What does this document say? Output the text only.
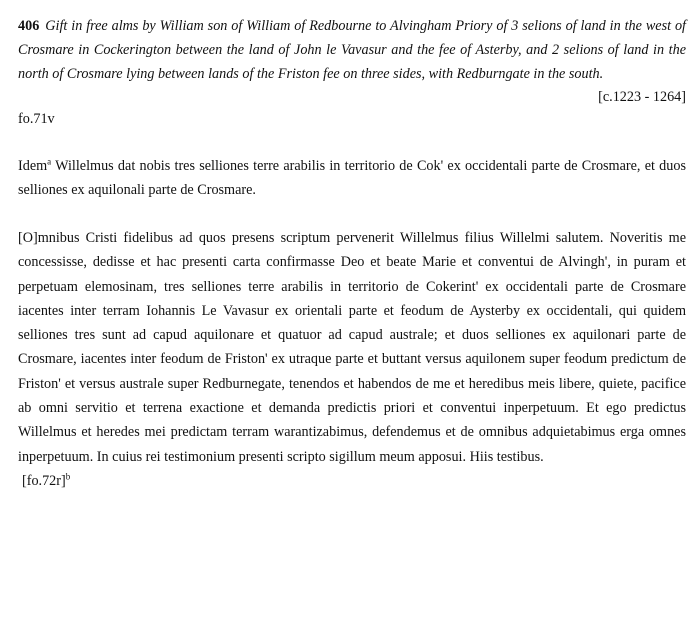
406 Gift in free alms by William son of William of Redbourne to Alvingham Priory of 3 selions of land in the west of Crosmare in Cockerington between the land of John le Vavasur and the fee of Asterby, and 2 selions of land in the north of Crosmare lying between lands of the Friston fee on three sides, with Redburngate in the south.

[c.1223 - 1264]

fo.71v

Idem$^a$ Willelmus dat nobis tres selliones terre arabilis in territorio de Cok' ex occidentali parte de Crosmare, et duos selliones ex aquilonali parte de Crosmare.

[O]mnibus Cristi fidelibus ad quos presens scriptum pervenerit Willelmus filius Willelmi salutem. Noveritis me concessisse, dedisse et hac presenti carta confirmasse Deo et beate Marie et conventui de Alvingh', in puram et perpetuam elemosinam, tres selliones terre arabilis in territorio de Cokerint' ex occidentali parte de Crosmare iacentes inter terram Iohannis Le Vavasur ex orientali parte et feodum de Aysterby ex occidentali, qui quidem selliones tres sunt ad capud aquilonare et quatuor ad capud australe; et duos selliones ex aquilonari parte de Crosmare, iacentes inter feodum de Friston' ex utraque parte et buttant versus aquilonem super feodum predictum de Friston' et versus australe super Redburnegate, tenendos et habendos de me et heredibus meis libere, quiete, pacifice ab omni servitio et terrena exactione et demanda predictis priori et conventui inperpetuum. Et ego predictus Willelmus et heredes mei predictam terram warantizabimus, defendemus et de omnibus adquietabimus erga omnes inperpetuum. In cuius rei testimonium presenti scripto sigillum meum apposui. Hiis testibus.

$[fo.72r]^b$
